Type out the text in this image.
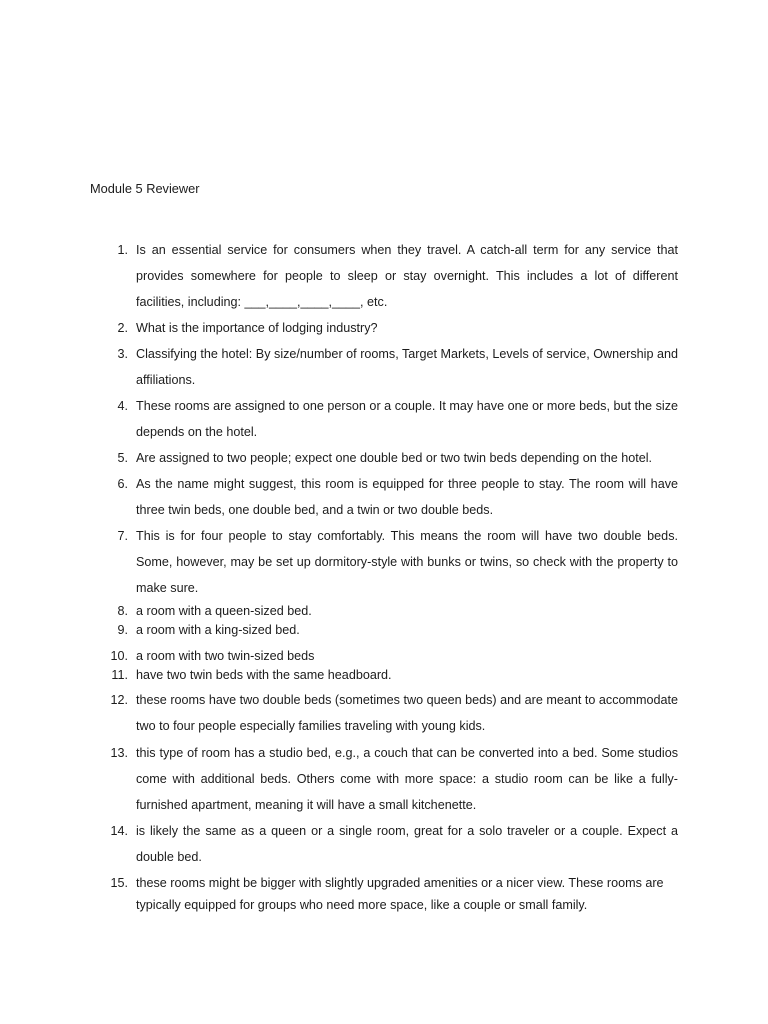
Module 5 Reviewer
1. Is an essential service for consumers when they travel. A catch-all term for any service that provides somewhere for people to sleep or stay overnight. This includes a lot of different facilities, including: ___,____,____,____, etc.
2. What is the importance of lodging industry?
3. Classifying the hotel: By size/number of rooms, Target Markets, Levels of service, Ownership and affiliations.
4. These rooms are assigned to one person or a couple. It may have one or more beds, but the size depends on the hotel.
5. Are assigned to two people; expect one double bed or two twin beds depending on the hotel.
6. As the name might suggest, this room is equipped for three people to stay. The room will have three twin beds, one double bed, and a twin or two double beds.
7. This is for four people to stay comfortably. This means the room will have two double beds. Some, however, may be set up dormitory-style with bunks or twins, so check with the property to make sure.
8. a room with a queen-sized bed.
9. a room with a king-sized bed.
10. a room with two twin-sized beds
11. have two twin beds with the same headboard.
12. these rooms have two double beds (sometimes two queen beds) and are meant to accommodate two to four people especially families traveling with young kids.
13. this type of room has a studio bed, e.g., a couch that can be converted into a bed. Some studios come with additional beds. Others come with more space: a studio room can be like a fully-furnished apartment, meaning it will have a small kitchenette.
14. is likely the same as a queen or a single room, great for a solo traveler or a couple. Expect a double bed.
15. these rooms might be bigger with slightly upgraded amenities or a nicer view. These rooms are
typically equipped for groups who need more space, like a couple or small family.
